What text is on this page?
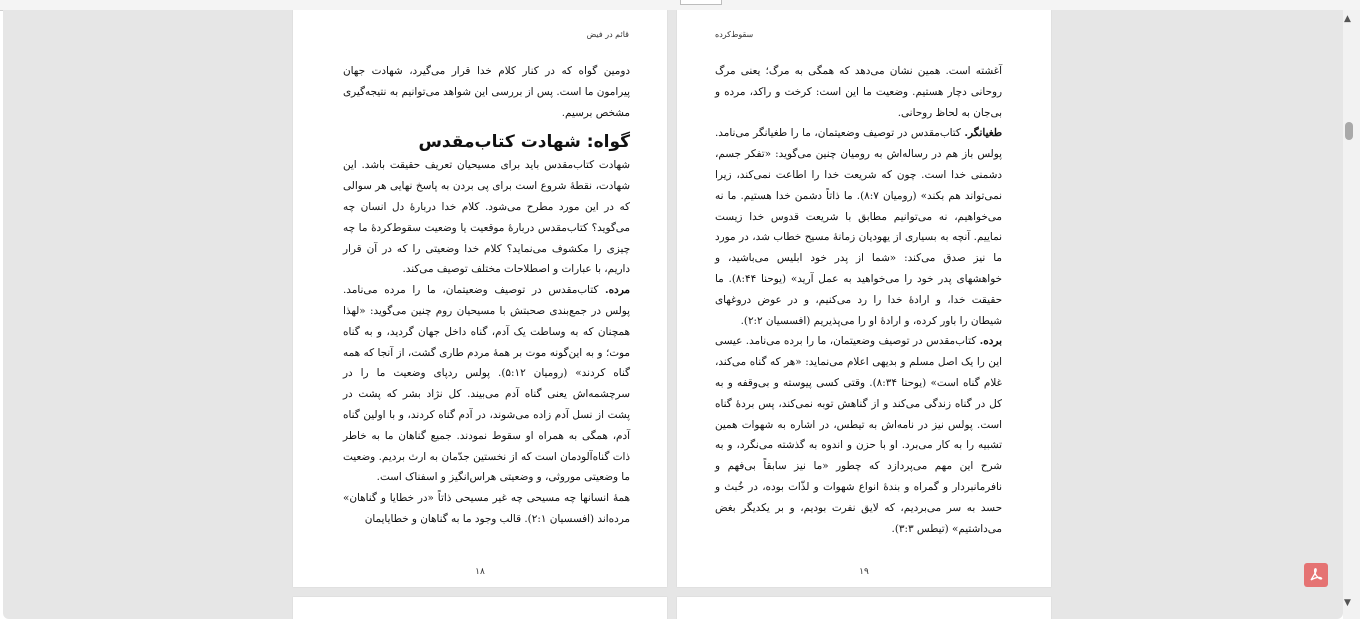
قائم در فیض

دومین گواه که در کنار کلام خدا قرار می‌گیرد، شهادت جهان پیرامون ما است. پس از بررسی این شواهد می‌توانیم به نتیجه‌گیری مشخص برسیم.

گواه: شهادت کتاب‌مقدس

شهادت کتاب‌مقدس باید برای مسیحیان تعریف حقیقت باشد. این شهادت، نقطهٔ شروع است برای پی بردن به پاسخ نهایی هر سوالی که در این مورد مطرح می‌شود. کلام خدا دربارهٔ دل انسان چه می‌گوید؟ کتاب‌مقدس دربارهٔ موقعیت یا وضعیت سقوط‌کردهٔ ما چه چیزی را مکشوف می‌نماید؟ کلام خدا وضعیتی را که در آن قرار داریم، با عبارات و اصطلاحات مختلف توصیف می‌کند.

مرده. کتاب‌مقدس در توصیف وضعیتمان، ما را مرده می‌نامد. پولس در جمع‌بندی صحبتش با مسیحیان روم چنین می‌گوید: «لهذا همچنان که به وساطت یک آدم، گناه داخل جهان گردید، و به گناه موت؛ و به این‌گونه موت بر همهٔ مردم طاری گشت، از آنجا که همه گناه کردند» (رومیان ۵:۱۲). پولس ردپای وضعیت ما را در سرچشمه‌اش یعنی گناه آدم می‌بیند. کل نژاد بشر که پشت در پشت از نسل آدم زاده می‌شوند، در آدم گناه کردند، و با اولین گناه آدم، همگی به همراه او سقوط نمودند. جمیع گناهان ما به خاطر ذات گناه‌آلودمان است که از نخستین جدّمان به ارث بردیم. وضعیت ما وضعیتی موروثی، و وضعیتی هراس‌انگیز و اسفناک است.

همهٔ انسانها چه مسیحی چه غیر مسیحی ذاتاً «در خطایا و گناهان» مرده‌اند (افسسیان ۲:۱). قالب وجود ما به گناهان و خطایایمان

۱۸
سقوط‌کرده

آغشته است. همین نشان می‌دهد که همگی به مرگ؛ یعنی مرگ روحانی دچار هستیم. وضعیت ما این است: کرخت و راکد، مرده و بی‌جان به لحاظ روحانی.

طغیانگر. کتاب‌مقدس در توصیف وضعیتمان، ما را طغیانگر می‌نامد. پولس باز هم در رساله‌اش به رومیان چنین می‌گوید: «تفکر جسم، دشمنی خدا است. چون که شریعت خدا را اطاعت نمی‌کند، زیرا نمی‌تواند هم بکند» (رومیان ۸:۷). ما ذاتاً دشمن خدا هستیم. ما نه می‌خواهیم، نه می‌توانیم مطابق با شریعت قدوس خدا زیست نماییم. آنچه به بسیاری از یهودیان زمانهٔ مسیح خطاب شد، در مورد ما نیز صدق می‌کند: «شما از پدر خود ابلیس می‌باشید، و خواهشهای پدر خود را می‌خواهید به عمل آرید» (یوحنا ۸:۴۴). ما حقیقت خدا، و ارادهٔ خدا را رد می‌کنیم، و در عوض دروغهای شیطان را باور کرده، و ارادهٔ او را می‌پذیریم (افسسیان ۲:۲).

برده. کتاب‌مقدس در توصیف وضعیتمان، ما را برده می‌نامد. عیسی این را یک اصل مسلم و بدیهی اعلام می‌نماید: «هر که گناه می‌کند، غلام گناه است» (یوحنا ۸:۳۴). وقتی کسی پیوسته و بی‌وقفه و به کل در گناه زندگی می‌کند و از گناهش توبه نمی‌کند، پس بردهٔ گناه است. پولس نیز در نامه‌اش به تیطس، در اشاره به شهوات همین تشبیه را به کار می‌برد. او با حزن و اندوه به گذشته می‌نگرد، و به شرح این مهم می‌پردازد که چطور «ما نیز سابقاً بی‌فهم و نافرمانبردار و گمراه و بندهٔ انواع شهوات و لذّات بوده، در خُبث و حسد به سر می‌بردیم، که لایق نفرت بودیم، و بر یکدیگر بغض می‌داشتیم» (تیطس ۳:۳).

۱۹
▲
▼
